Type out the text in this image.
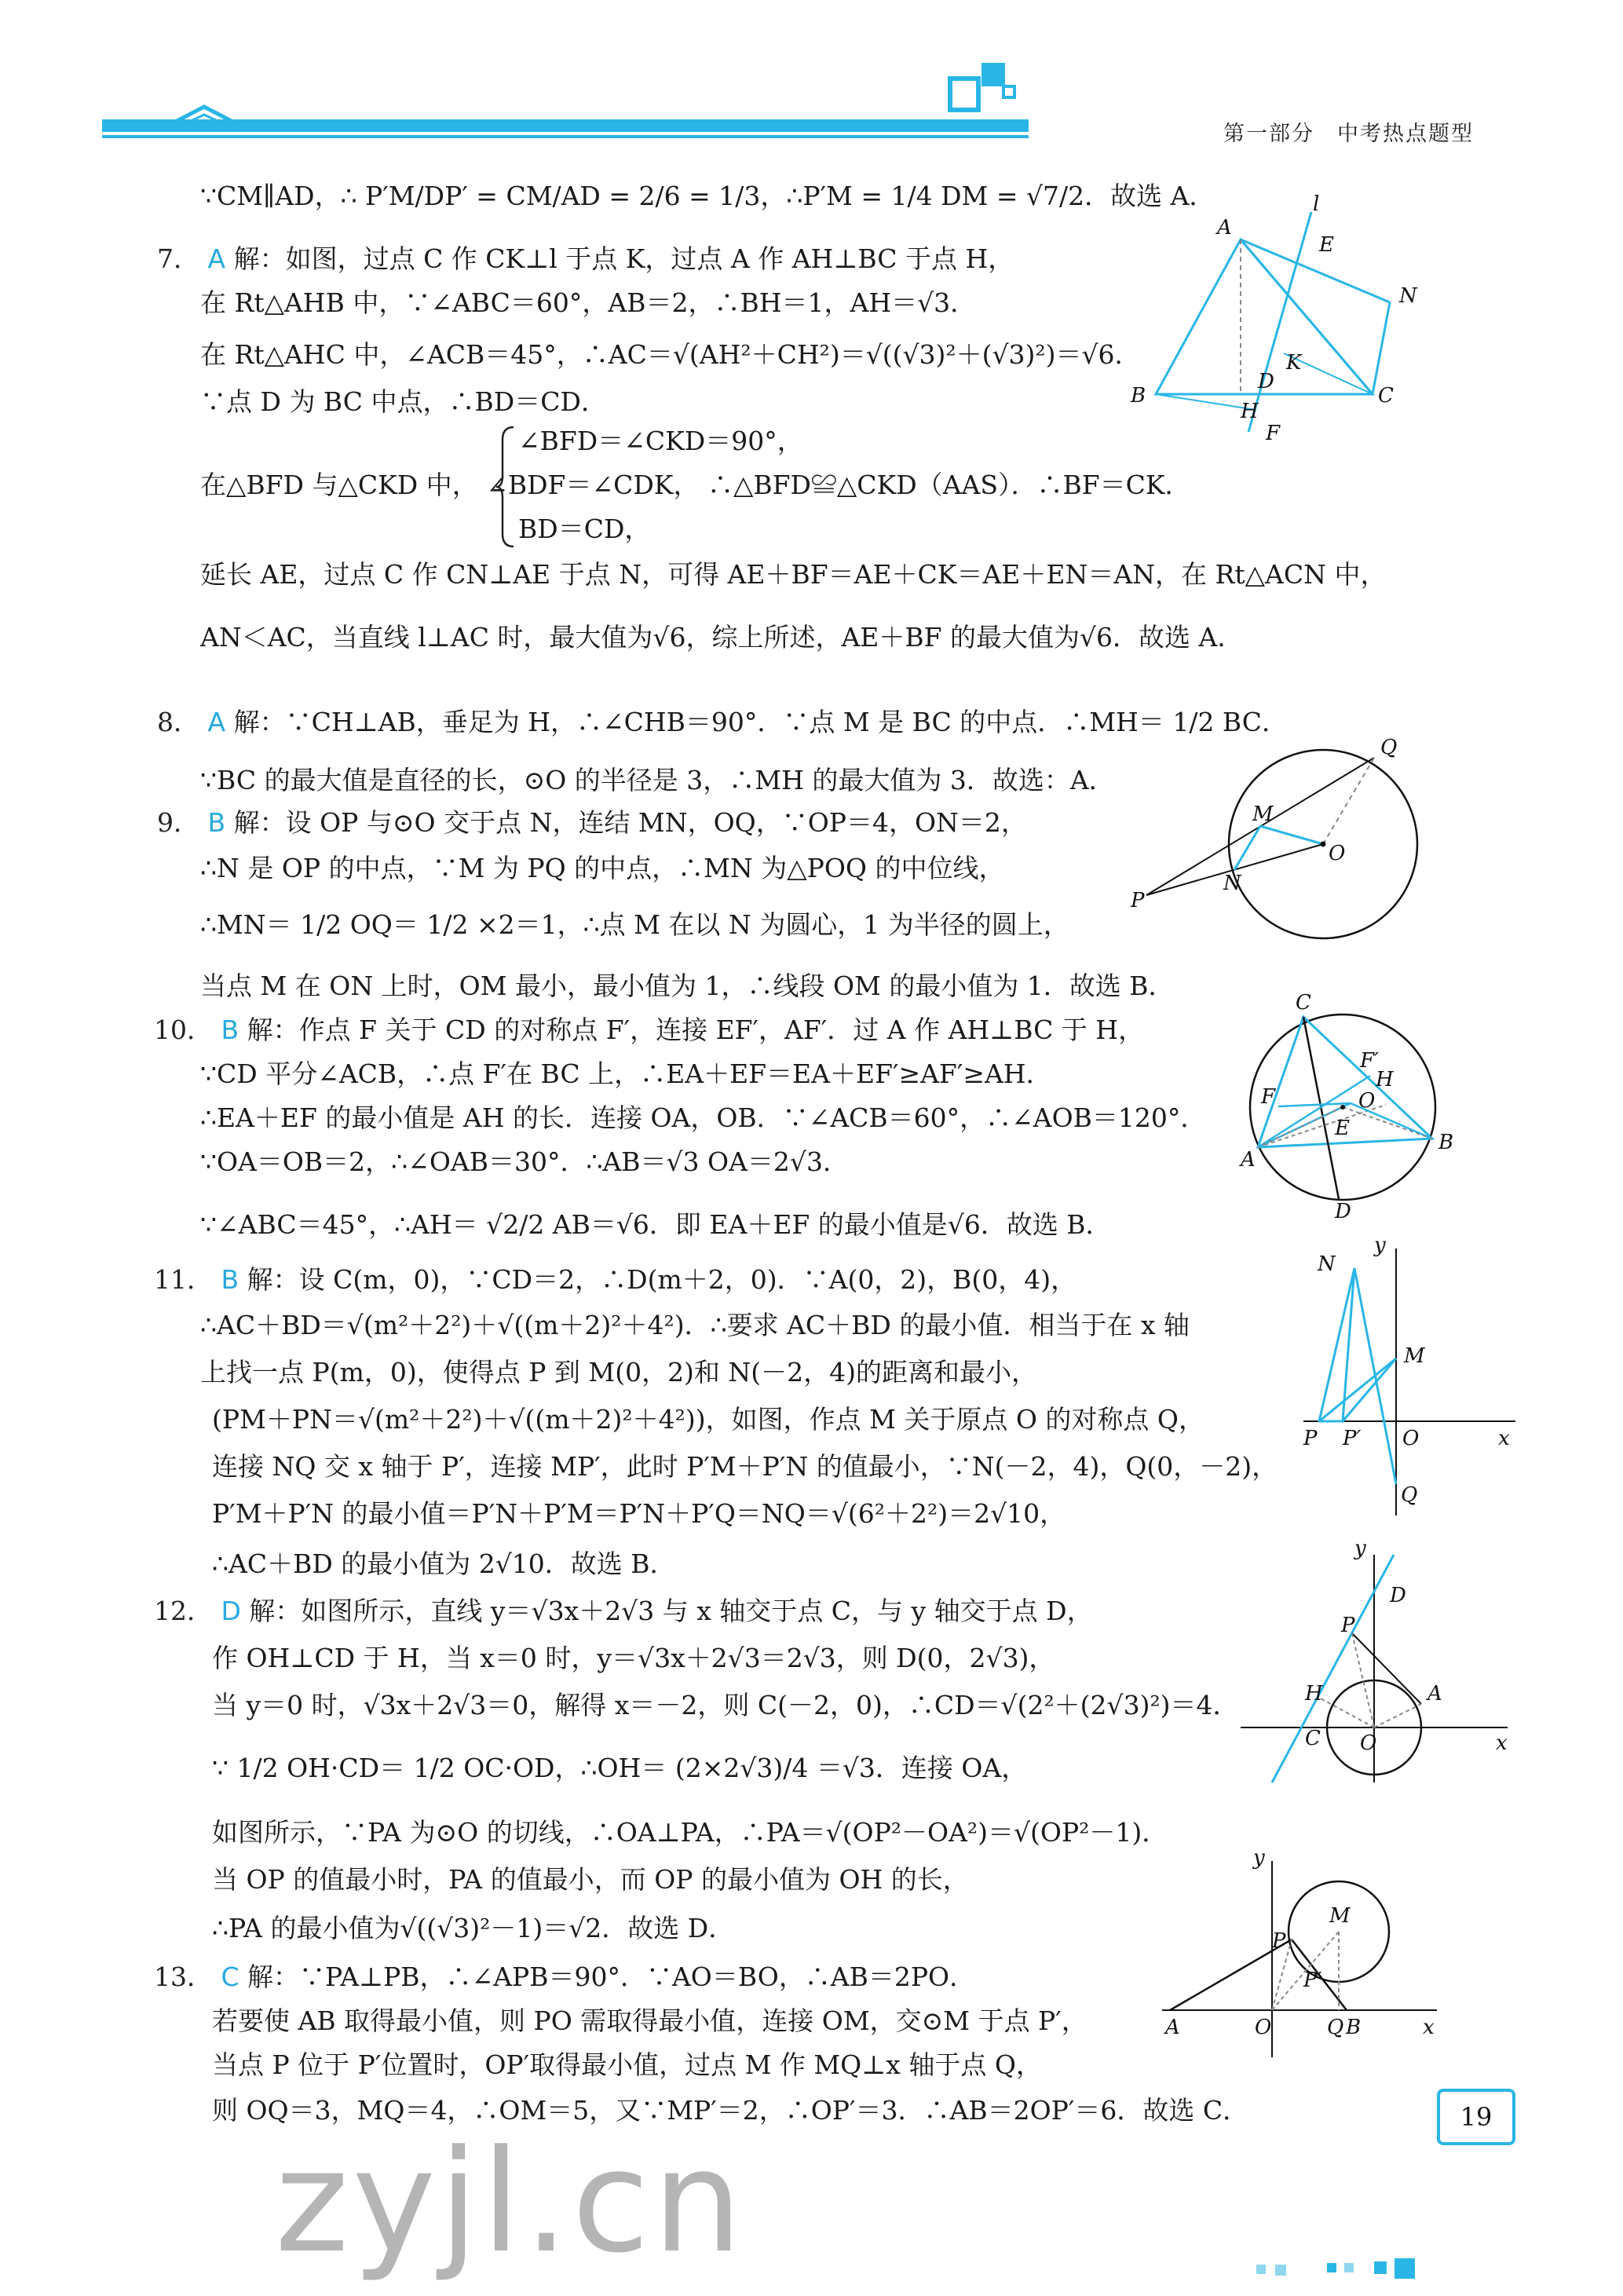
第一部分　中考热点题型
∵CM∥AD，∴ P′M/DP′ = CM/AD = 2/6 = 1/3，∴P′M = 1/4 DM = √7/2．故选 A．
7． A 解：如图，过点 C 作 CK⊥l 于点 K，过点 A 作 AH⊥BC 于点 H，
在 Rt△AHB 中，∵∠ABC＝60°，AB＝2，∴BH＝1，AH＝√3．
在 Rt△AHC 中，∠ACB＝45°，∴AC＝√(AH²＋CH²)＝√((√3)²＋(√3)²)＝√6．
∵点 D 为 BC 中点，∴BD＝CD．
∠BFD＝∠CKD＝90°，
在△BFD 与△CKD 中， ∠BDF＝∠CDK， ∴△BFD≌△CKD（AAS）．∴BF＝CK．
BD＝CD，
延长 AE，过点 C 作 CN⊥AE 于点 N，可得 AE＋BF＝AE＋CK＝AE＋EN＝AN，在 Rt△ACN 中，
AN＜AC，当直线 l⊥AC 时，最大值为√6，综上所述，AE＋BF 的最大值为√6．故选 A．
8． A 解：∵CH⊥AB，垂足为 H，∴∠CHB＝90°．∵点 M 是 BC 的中点．∴MH＝ 1/2 BC．
∵BC 的最大值是直径的长，⊙O 的半径是 3，∴MH 的最大值为 3．故选：A．
9． B 解：设 OP 与⊙O 交于点 N，连结 MN，OQ，∵OP＝4，ON＝2，
∴N 是 OP 的中点，∵M 为 PQ 的中点，∴MN 为△POQ 的中位线，
∴MN＝ 1/2 OQ＝ 1/2 ×2＝1，∴点 M 在以 N 为圆心，1 为半径的圆上，
当点 M 在 ON 上时，OM 最小，最小值为 1，∴线段 OM 的最小值为 1．故选 B．
10． B 解：作点 F 关于 CD 的对称点 F′，连接 EF′，AF′．过 A 作 AH⊥BC 于 H，
∵CD 平分∠ACB，∴点 F′在 BC 上，∴EA＋EF＝EA＋EF′≥AF′≥AH．
∴EA＋EF 的最小值是 AH 的长．连接 OA，OB．∵∠ACB＝60°，∴∠AOB＝120°．
∵OA＝OB＝2，∴∠OAB＝30°．∴AB＝√3 OA＝2√3．
∵∠ABC＝45°，∴AH＝ √2/2 AB＝√6．即 EA＋EF 的最小值是√6．故选 B．
11． B 解：设 C(m，0)，∵CD＝2，∴D(m＋2，0)．∵A(0，2)，B(0，4)，
∴AC＋BD＝√(m²＋2²)＋√((m＋2)²＋4²)．∴要求 AC＋BD 的最小值．相当于在 x 轴
上找一点 P(m，0)，使得点 P 到 M(0，2)和 N(－2，4)的距离和最小，
(PM＋PN＝√(m²＋2²)＋√((m＋2)²＋4²))，如图，作点 M 关于原点 O 的对称点 Q，
连接 NQ 交 x 轴于 P′，连接 MP′，此时 P′M＋P′N 的值最小，∵N(－2，4)，Q(0，－2)，
P′M＋P′N 的最小值＝P′N＋P′M＝P′N＋P′Q＝NQ＝√(6²＋2²)＝2√10，
∴AC＋BD 的最小值为 2√10．故选 B．
12． D 解：如图所示，直线 y＝√3x＋2√3 与 x 轴交于点 C，与 y 轴交于点 D，
作 OH⊥CD 于 H，当 x＝0 时，y＝√3x＋2√3＝2√3，则 D(0，2√3)，
当 y＝0 时，√3x＋2√3＝0，解得 x＝－2，则 C(－2，0)，∴CD＝√(2²＋(2√3)²)＝4．
∵ 1/2 OH·CD＝ 1/2 OC·OD，∴OH＝ (2×2√3)/4 ＝√3．连接 OA，
如图所示，∵PA 为⊙O 的切线，∴OA⊥PA，∴PA＝√(OP²－OA²)＝√(OP²－1)．
当 OP 的值最小时，PA 的值最小，而 OP 的最小值为 OH 的长，
∴PA 的最小值为√((√3)²－1)＝√2．故选 D．
13． C 解：∵PA⊥PB，∴∠APB＝90°．∵AO＝BO，∴AB＝2PO．
若要使 AB 取得最小值，则 PO 需取得最小值，连接 OM，交⊙M 于点 P′，
当点 P 位于 P′位置时，OP′取得最小值，过点 M 作 MQ⊥x 轴于点 Q，
则 OQ＝3，MQ＝4，∴OM＝5，又∵MP′＝2，∴OP′＝3．∴AB＝2OP′＝6．故选 C．
A
l
E
N
K
D
B	C
H
F
Q
M
O
P
N
C
F′
H
O
F
E
A
B
D
y
N
M
P P′ O	x
Q
y
D
P
A
H
C O	x
y
M
P
P′
A	O	Q B	x
19
zyjl.cn
